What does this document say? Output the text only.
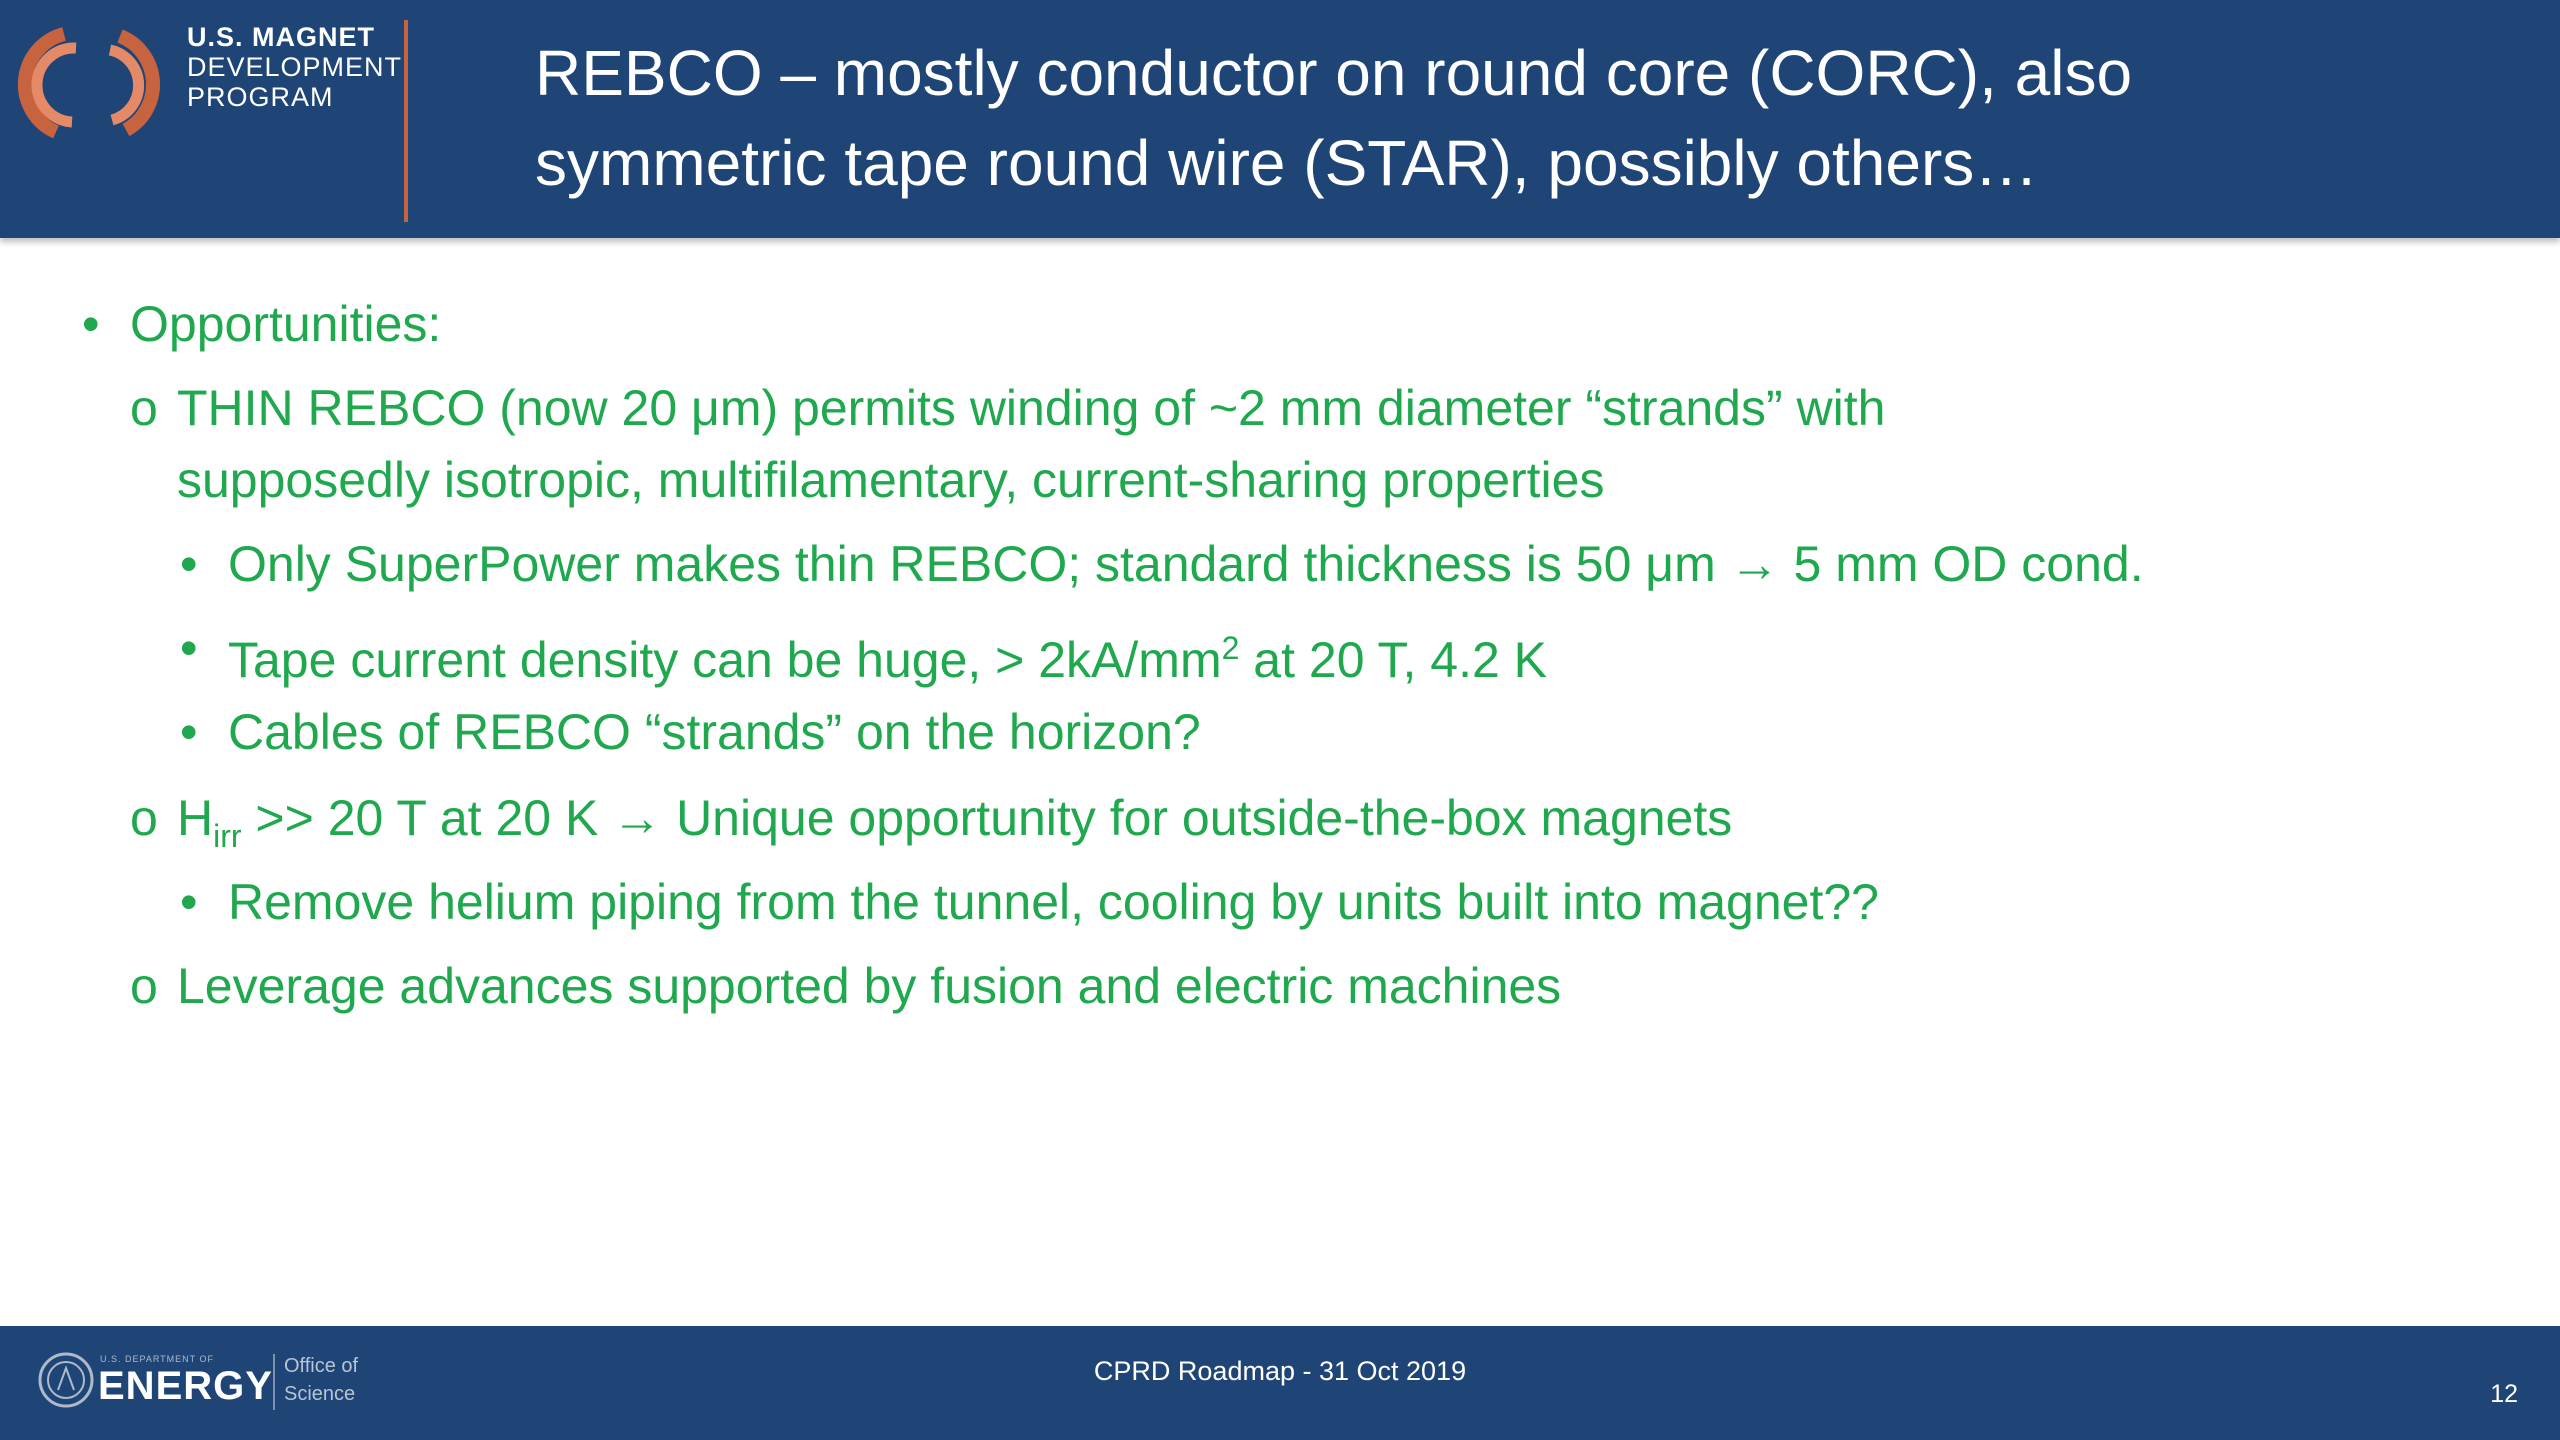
U.S. MAGNET
DEVELOPMENT
PROGRAM	REBCO – mostly conductor on round core (CORC), also
symmetric tape round wire (STAR), possibly others…
• Opportunities:
o THIN REBCO (now 20 μm) permits winding of ~2 mm diameter “strands” with
supposedly isotropic, multifilamentary, current-sharing properties
• Only SuperPower makes thin REBCO; standard thickness is 50 μm → 5 mm OD cond.
• Tape current density can be huge, > $2kA/mm^2$ at 20 T, 4.2 K
• Cables of REBCO “strands” on the horizon?
o $H_{irr} >> 20$ T at 20 K → Unique opportunity for outside-the-box magnets
• Remove helium piping from the tunnel, cooling by units built into magnet??
o Leverage advances supported by fusion and electric machines
U.S. DEPARTMENT OF
ENERGY Office of
Science
CPRD Roadmap - 31 Oct 2019
12
